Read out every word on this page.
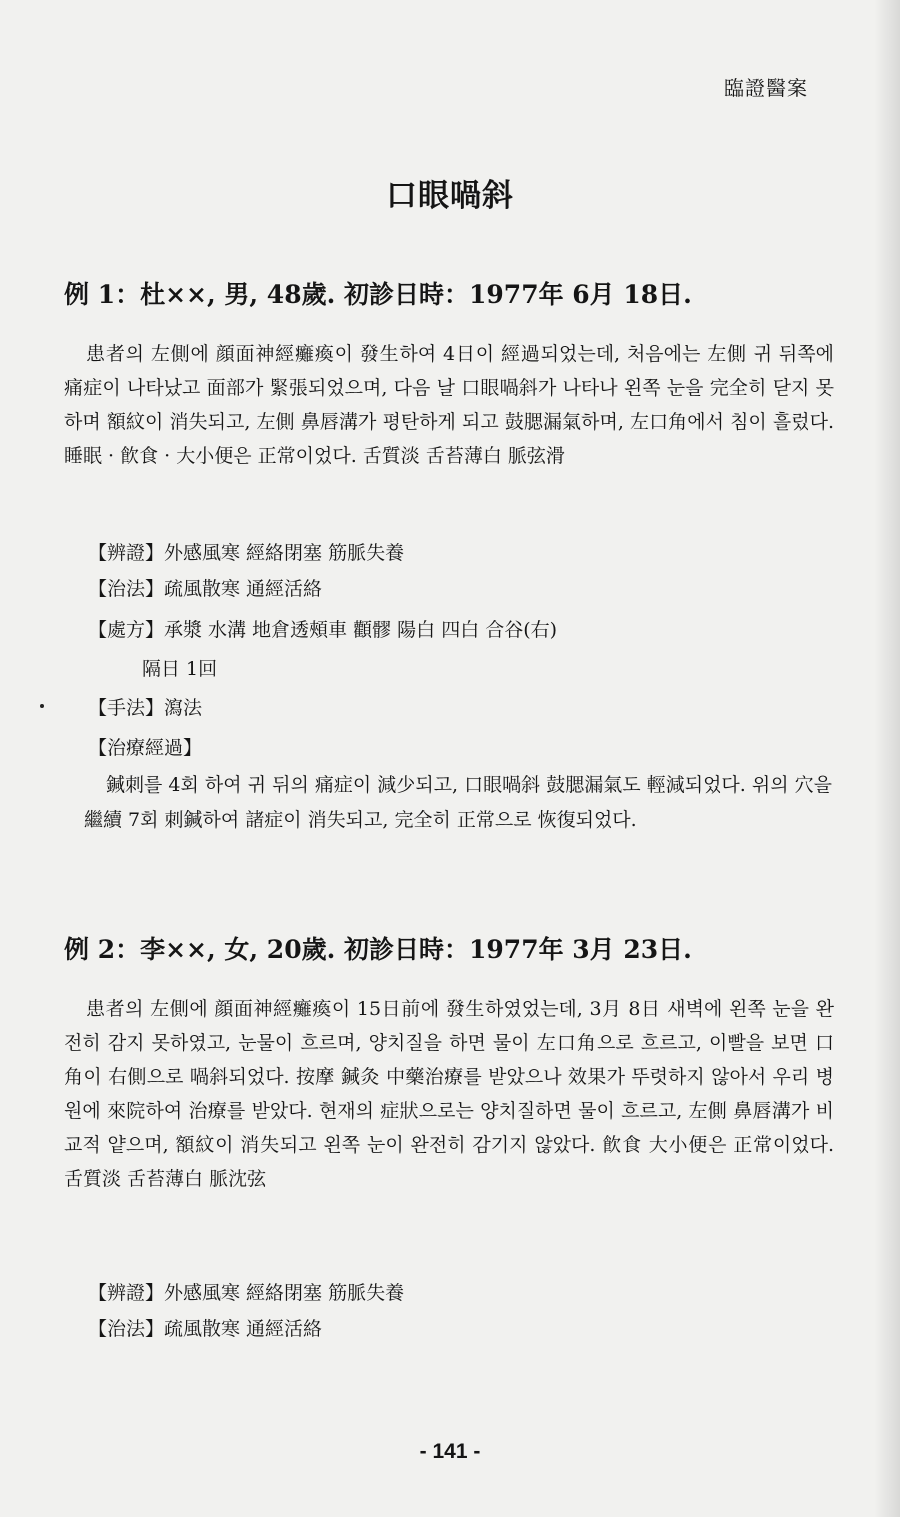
臨證醫案
口眼喎斜
例 1：杜××, 男, 48歲. 初診日時：1977年 6月 18日.

患者의 左側에 顔面神經癱瘓이 發生하여 4日이 經過되었는데, 처음에는 左側 귀 뒤쪽에 痛症이 나타났고 面部가 緊張되었으며, 다음 날 口眼喎斜가 나타나 왼쪽 눈을 完全히 닫지 못하며 額紋이 消失되고, 左側 鼻唇溝가 평탄하게 되고 鼓腮漏氣하며, 左口角에서 침이 흘렀다. 睡眠 · 飮食 · 大小便은 正常이었다. 舌質淡 舌苔薄白 脈弦滑

【辨證】外感風寒 經絡閉塞 筋脈失養
【治法】疏風散寒 通經活絡
【處方】承漿 水溝 地倉透頰車 顴髎 陽白 四白 合谷(右)
隔日 1回
【手法】瀉法
【治療經過】

鍼刺를 4회 하여 귀 뒤의 痛症이 減少되고, 口眼喎斜 鼓腮漏氣도 輕減되었다. 위의 穴을 繼續 7회 刺鍼하여 諸症이 消失되고, 完全히 正常으로 恢復되었다.

例 2：李××, 女, 20歲. 初診日時：1977年 3月 23日.

患者의 左側에 顔面神經癱瘓이 15日前에 發生하였었는데, 3月 8日 새벽에 왼쪽 눈을 완전히 감지 못하였고, 눈물이 흐르며, 양치질을 하면 물이 左口角으로 흐르고, 이빨을 보면 口角이 右側으로 喎斜되었다. 按摩 鍼灸 中藥治療를 받았으나 效果가 뚜렷하지 않아서 우리 병원에 來院하여 治療를 받았다. 현재의 症狀으로는 양치질하면 물이 흐르고, 左側 鼻唇溝가 비교적 얕으며, 額紋이 消失되고 왼쪽 눈이 완전히 감기지 않았다. 飮食 大小便은 正常이었다. 舌質淡 舌苔薄白 脈沈弦

【辨證】外感風寒 經絡閉塞 筋脈失養
【治法】疏風散寒 通經活絡
- 141 -
